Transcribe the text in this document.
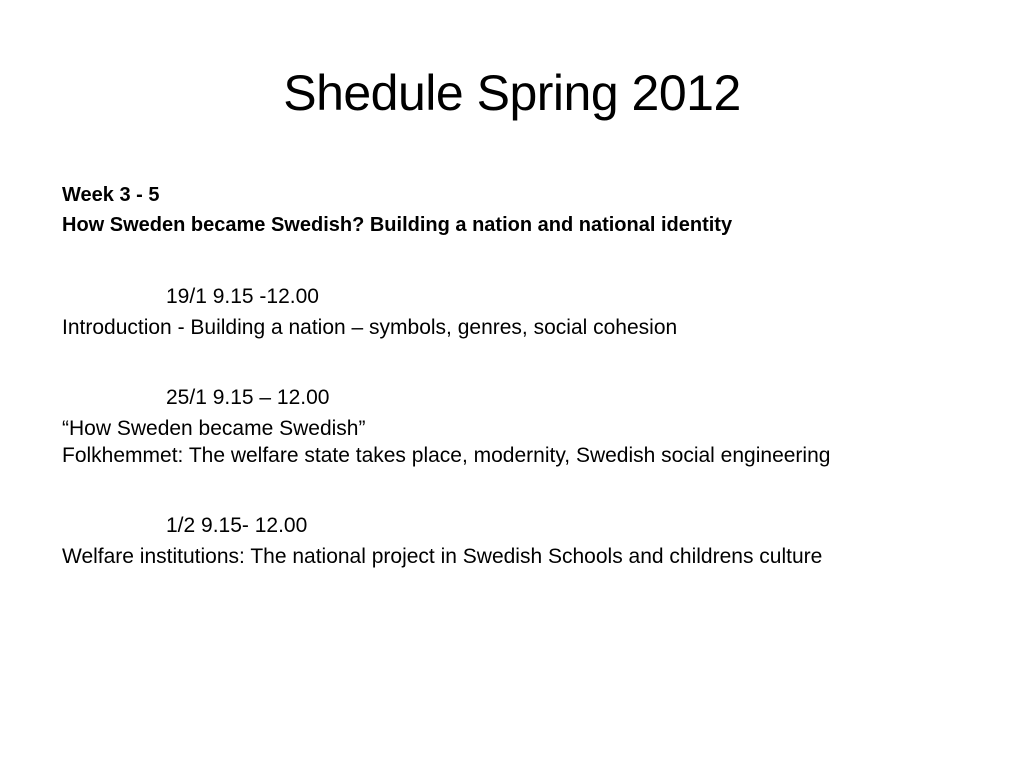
Shedule Spring 2012
Week 3 - 5
How Sweden became Swedish? Building a nation and national identity
19/1 9.15 -12.00
Introduction - Building a nation – symbols, genres, social cohesion
25/1 9.15 – 12.00
“How Sweden became Swedish”
Folkhemmet: The welfare state takes place, modernity, Swedish social engineering
1/2 9.15- 12.00
Welfare institutions: The national project in Swedish Schools and childrens culture
